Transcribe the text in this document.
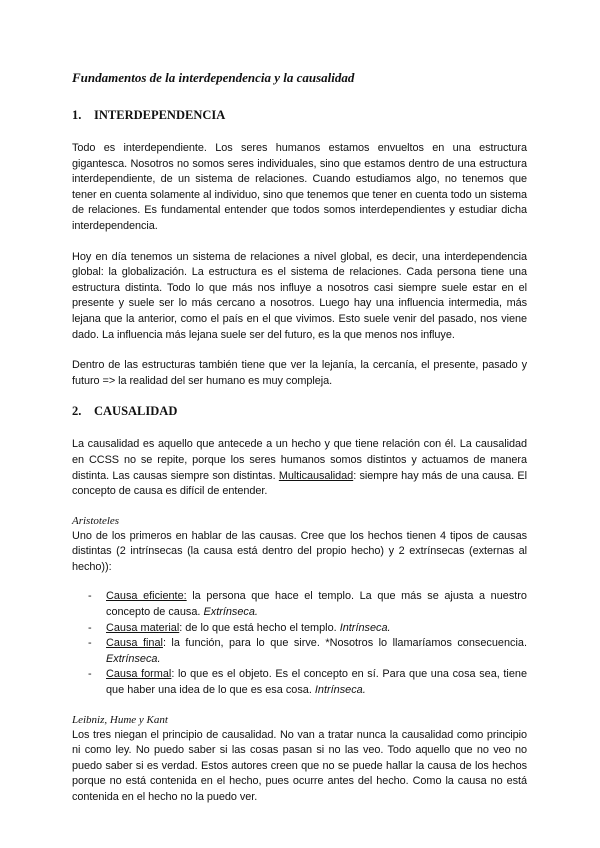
Fundamentos de la interdependencia y la causalidad
1.	INTERDEPENDENCIA

Todo es interdependiente. Los seres humanos estamos envueltos en una estructura gigantesca. Nosotros no somos seres individuales, sino que estamos dentro de una estructura interdependiente, de un sistema de relaciones. Cuando estudiamos algo, no tenemos que tener en cuenta solamente al individuo, sino que tenemos que tener en cuenta todo un sistema de relaciones. Es fundamental entender que todos somos interdependientes y estudiar dicha interdependencia.

Hoy en día tenemos un sistema de relaciones a nivel global, es decir, una interdependencia global: la globalización. La estructura es el sistema de relaciones. Cada persona tiene una estructura distinta. Todo lo que más nos influye a nosotros casi siempre suele estar en el presente y suele ser lo más cercano a nosotros. Luego hay una influencia intermedia, más lejana que la anterior, como el país en el que vivimos. Esto suele venir del pasado, nos viene dado. La influencia más lejana suele ser del futuro, es la que menos nos influye.

Dentro de las estructuras también tiene que ver la lejanía, la cercanía, el presente, pasado y futuro => la realidad del ser humano es muy compleja.

2.	CAUSALIDAD

La causalidad es aquello que antecede a un hecho y que tiene relación con él. La causalidad en CCSS no se repite, porque los seres humanos somos distintos y actuamos de manera distinta. Las causas siempre son distintas. Multicausalidad: siempre hay más de una causa. El concepto de causa es difícil de entender.

Aristoteles

Uno de los primeros en hablar de las causas. Cree que los hechos tienen 4 tipos de causas distintas (2 intrínsecas (la causa está dentro del propio hecho) y 2 extrínsecas (externas al hecho)):

-	Causa eficiente: la persona que hace el templo. La que más se ajusta a nuestro concepto de causa. Extrínseca.
-	Causa material: de lo que está hecho el templo. Intrínseca.
-	Causa final: la función, para lo que sirve. *Nosotros lo llamaríamos consecuencia. Extrínseca.
-	Causa formal: lo que es el objeto. Es el concepto en sí. Para que una cosa sea, tiene que haber una idea de lo que es esa cosa. Intrínseca.
Leibniz, Hume y Kant

Los tres niegan el principio de causalidad. No van a tratar nunca la causalidad como principio ni como ley. No puedo saber si las cosas pasan si no las veo. Todo aquello que no veo no puedo saber si es verdad. Estos autores creen que no se puede hallar la causa de los hechos porque no está contenida en el hecho, pues ocurre antes del hecho. Como la causa no está contenida en el hecho no la puedo ver.
